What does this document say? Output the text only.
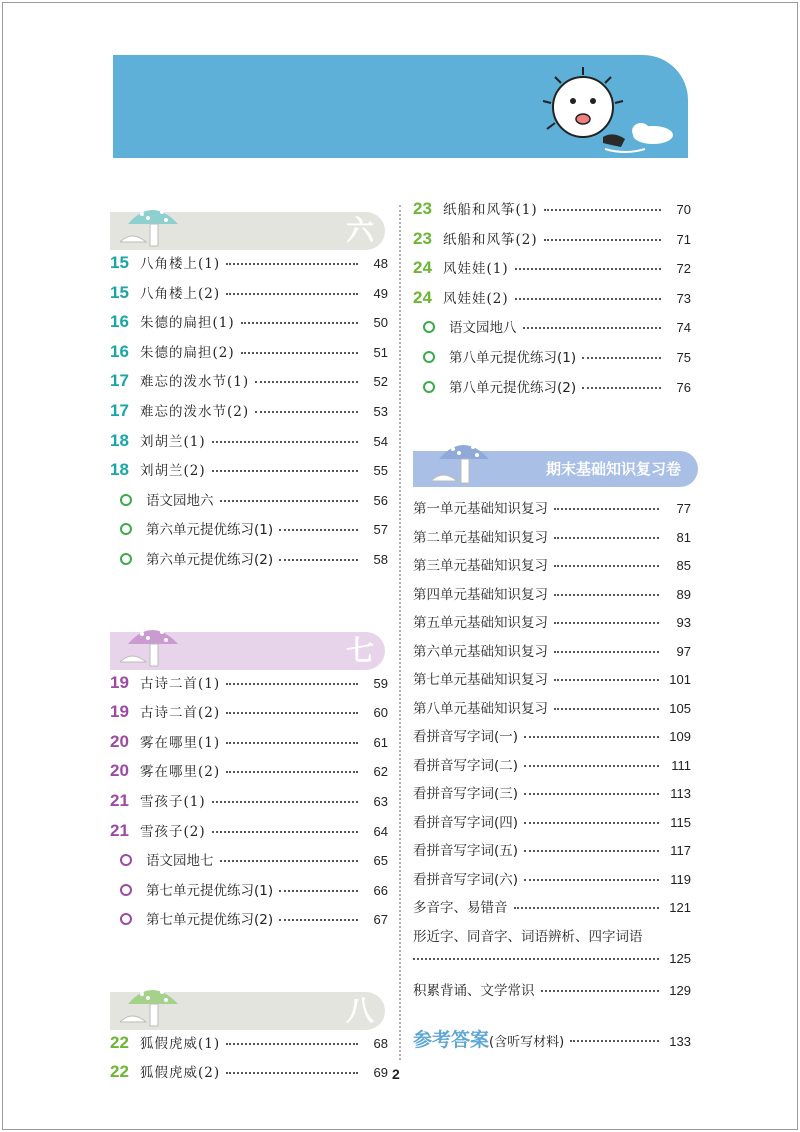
六
15 八角楼上(1)	48
15 八角楼上(2)	49
16 朱德的扁担(1)	50
16 朱德的扁担(2)	51
17 难忘的泼水节(1)	52
17 难忘的泼水节(2)	53
18 刘胡兰(1)	54
18 刘胡兰(2)	55
语文园地六	56
第六单元提优练习(1)	57
第六单元提优练习(2)	58
七
19 古诗二首(1)	59
19 古诗二首(2)	60
20 雾在哪里(1)	61
20 雾在哪里(2)	62
21 雪孩子(1)	63
21 雪孩子(2)	64
语文园地七	65
第七单元提优练习(1)	66
第七单元提优练习(2)	67
八
22 狐假虎威(1)	68
22 狐假虎威(2)	69
23 纸船和风筝(1)	70
23 纸船和风筝(2)	71
24 风娃娃(1)	72
24 风娃娃(2)	73
语文园地八	74
第八单元提优练习(1)	75
第八单元提优练习(2)	76
期末基础知识复习卷
第一单元基础知识复习	77
第二单元基础知识复习	81
第三单元基础知识复习	85
第四单元基础知识复习	89
第五单元基础知识复习	93
第六单元基础知识复习	97
第七单元基础知识复习	101
第八单元基础知识复习	105
看拼音写字词(一)	109
看拼音写字词(二)	111
看拼音写字词(三)	113
看拼音写字词(四)	115
看拼音写字词(五)	117
看拼音写字词(六)	119
多音字、易错音	121
形近字、同音字、词语辨析、四字词语
125
积累背诵、文学常识	129
参考答案 (含听写材料)	133
2
